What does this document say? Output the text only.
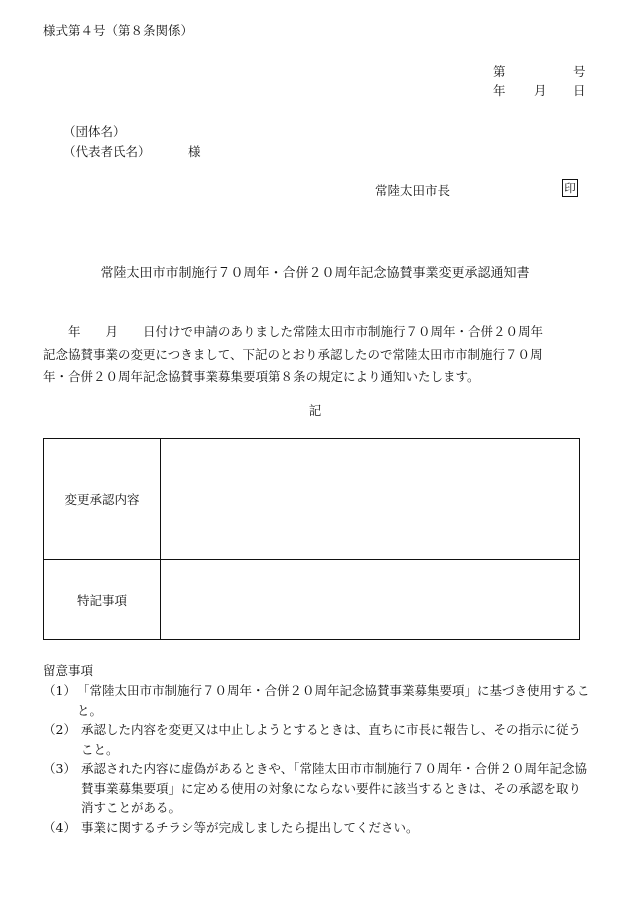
様式第４号（第８条関係）
第	号
年 月 日
（団体名）
（代表者氏名）	様
常陸太田市長	印
常陸太田市市制施行７０周年・合併２０周年記念協賛事業変更承認通知書
　　年　　月　　日付けで申請のありました常陸太田市市制施行７０周年・合併２０周年
記念協賛事業の変更につきまして、下記のとおり承認したので常陸太田市市制施行７０周
年・合併２０周年記念協賛事業募集要項第８条の規定により通知いたします。
記
変更承認内容	
特記事項	
留意事項
（1） 「常陸太田市市制施行７０周年・合併２０周年記念協賛事業募集要項」に基づき使用すること。
（2） 承認した内容を変更又は中止しようとするときは、直ちに市長に報告し、その指示に従うこと。
（3） 承認された内容に虚偽があるときや、「常陸太田市市制施行７０周年・合併２０周年記念協賛事業募集要項」に定める使用の対象にならない要件に該当するときは、その承認を取り消すことがある。
（4） 事業に関するチラシ等が完成しましたら提出してください。
